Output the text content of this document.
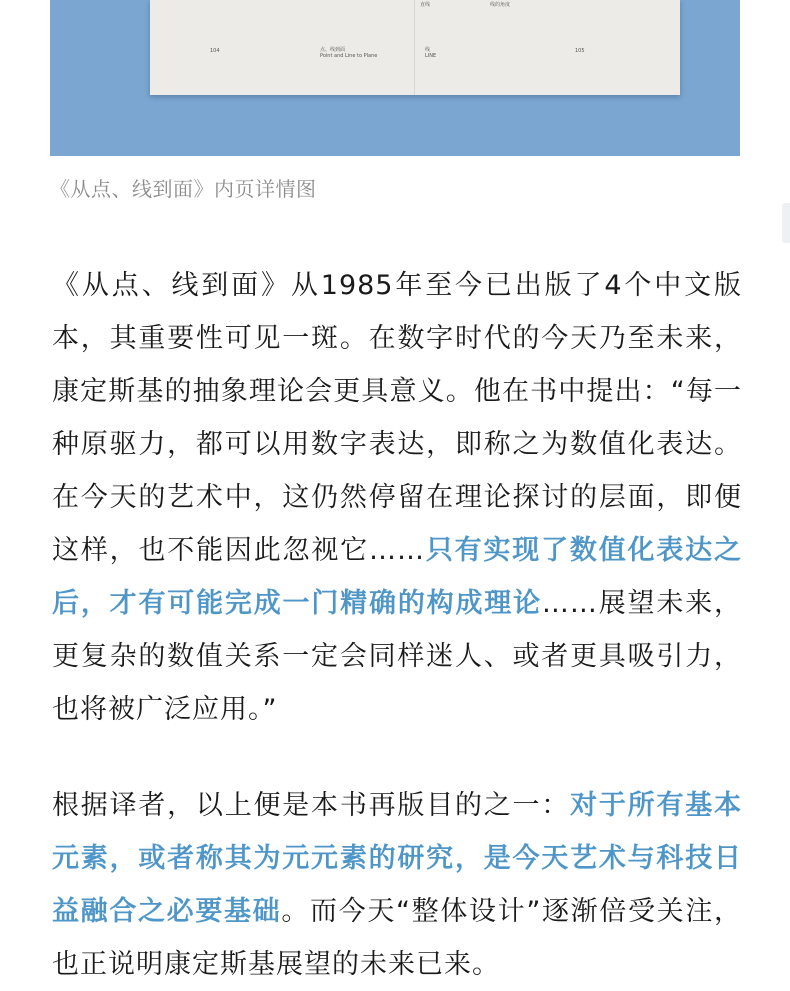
直线	线的角度
104	点、线到面
Point and Line to Plane
线
LINE
105
《从点、线到面》内页详情图
《从点、线到面》从1985年至今已出版了4个中文版本，其重要性可见一斑。在数字时代的今天乃至未来，康定斯基的抽象理论会更具意义。他在书中提出：“每一种原驱力，都可以用数字表达，即称之为数值化表达。在今天的艺术中，这仍然停留在理论探讨的层面，即便这样，也不能因此忽视它……只有实现了数值化表达之后，才有可能完成一门精确的构成理论……展望未来，更复杂的数值关系一定会同样迷人、或者更具吸引力，也将被广泛应用。”
根据译者，以上便是本书再版目的之一：对于所有基本元素，或者称其为元元素的研究，是今天艺术与科技日益融合之必要基础。而今天“整体设计”逐渐倍受关注，也正说明康定斯基展望的未来已来。
